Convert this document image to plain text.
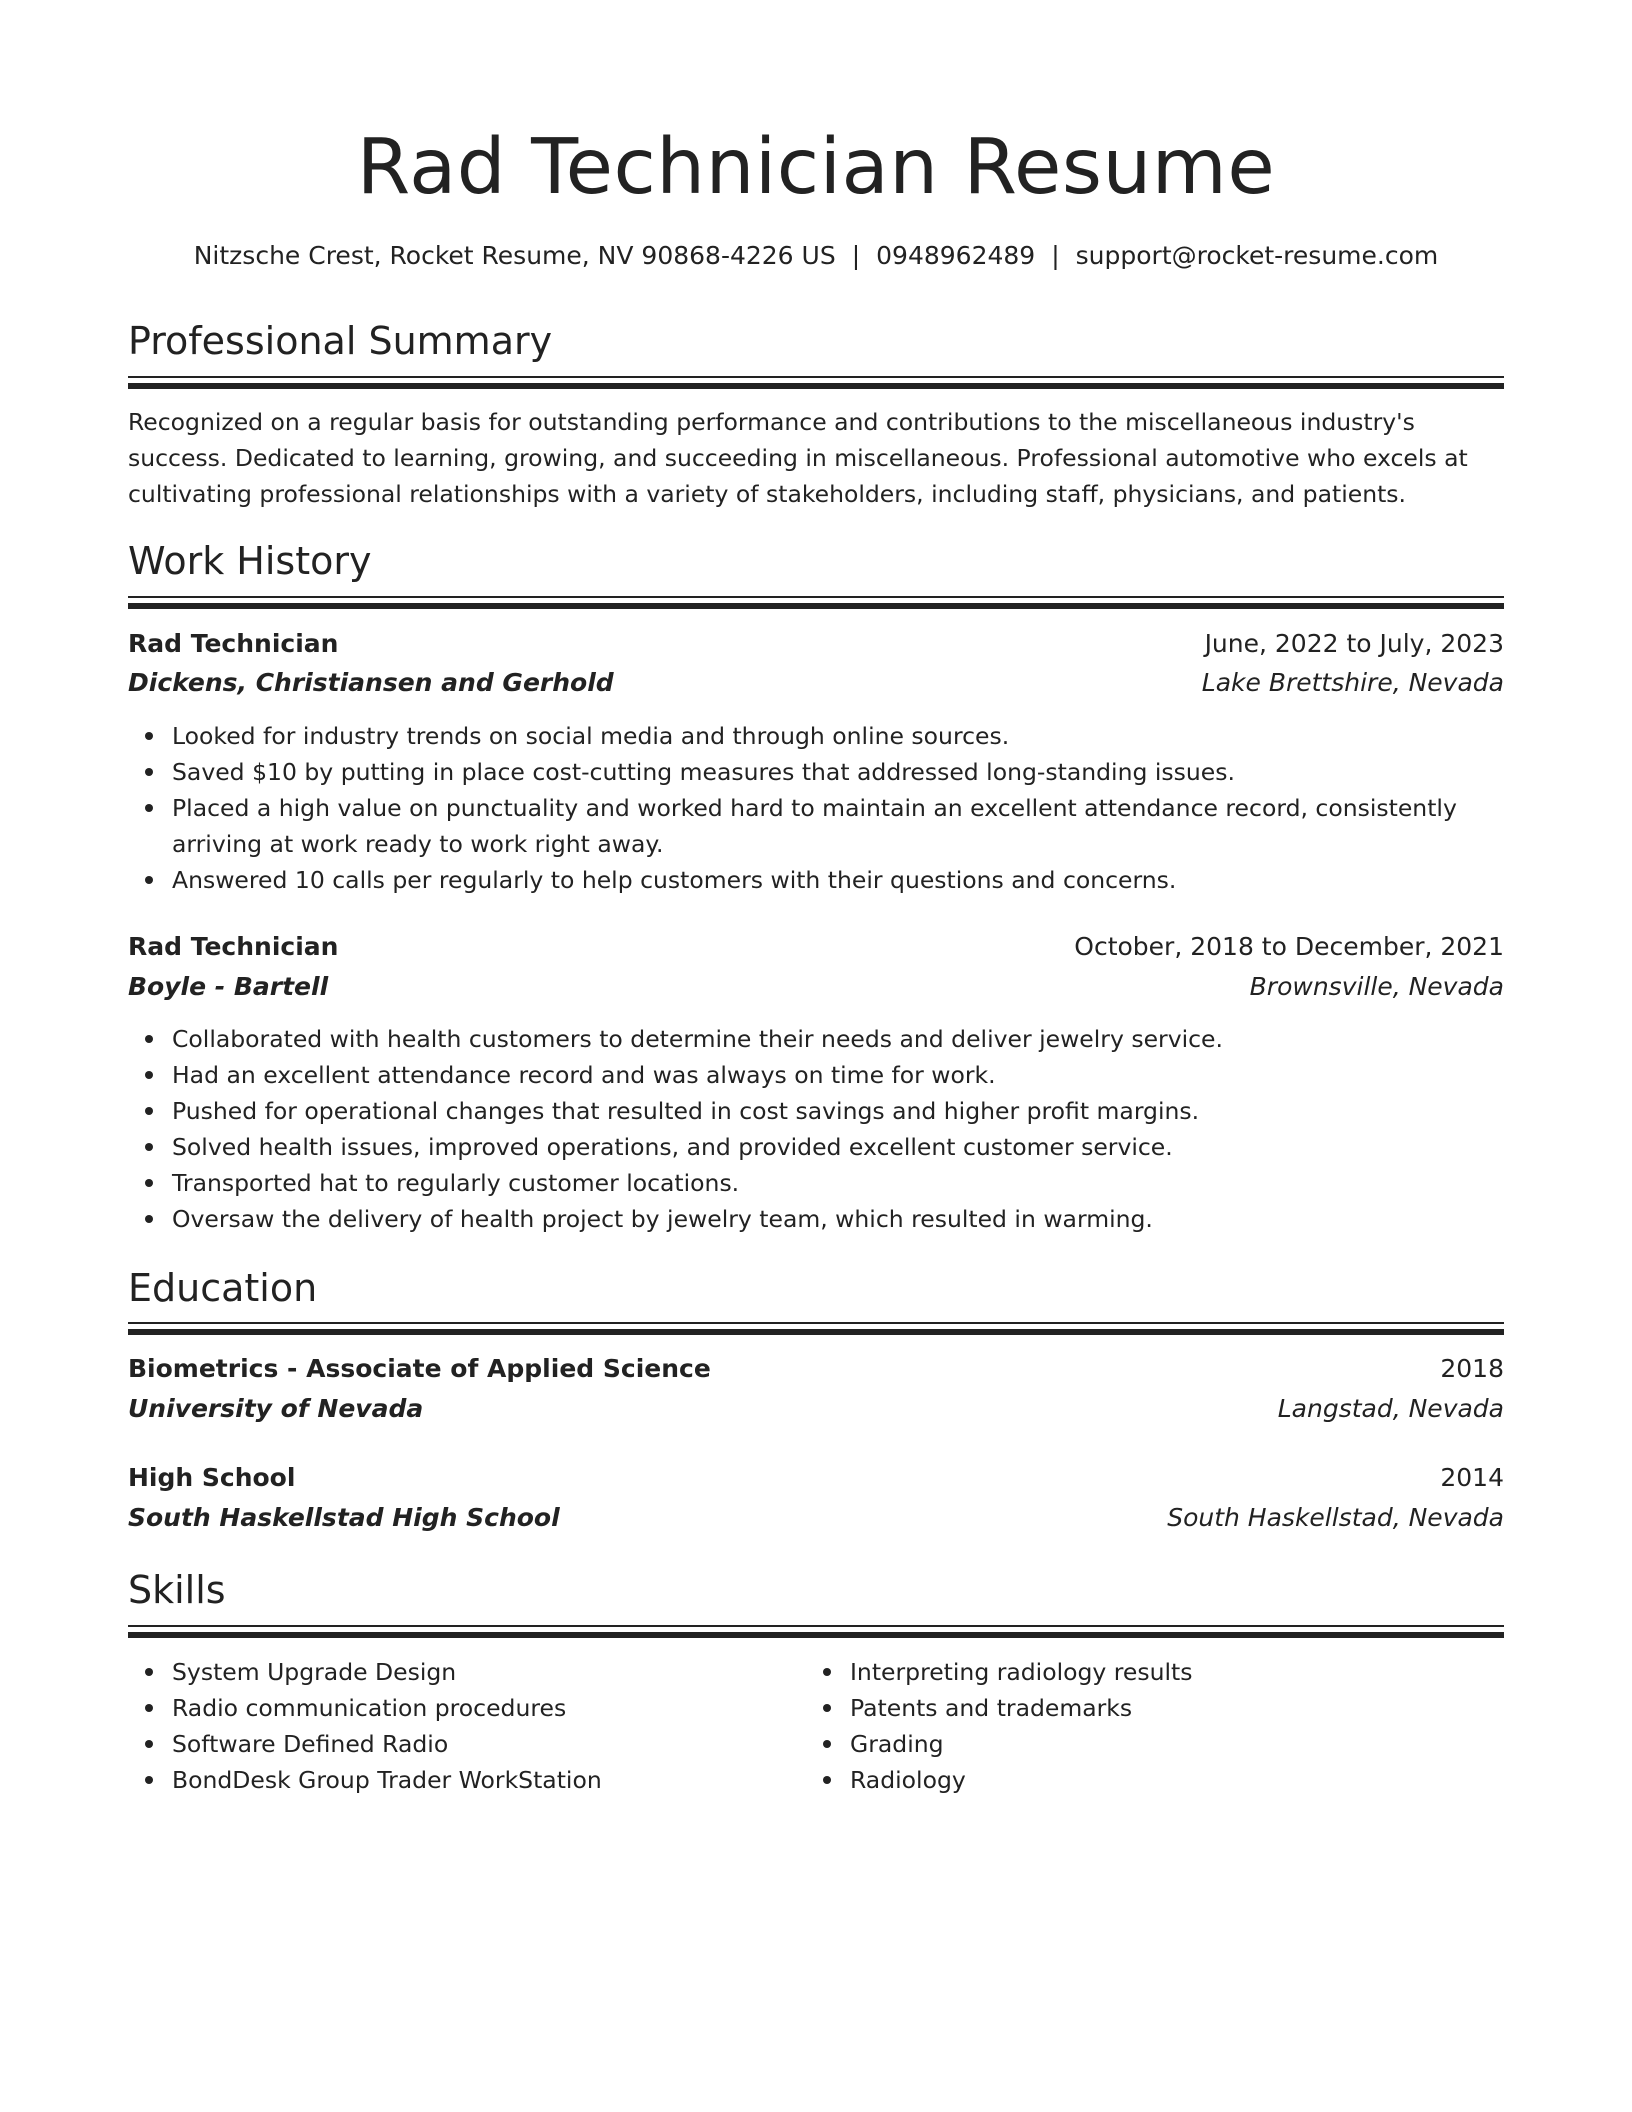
Rad Technician Resume
Nitzsche Crest, Rocket Resume, NV 90868-4226 US | 0948962489 | support@rocket-resume.com
Professional Summary

Recognized on a regular basis for outstanding performance and contributions to the miscellaneous industry's success. Dedicated to learning, growing, and succeeding in miscellaneous. Professional automotive who excels at cultivating professional relationships with a variety of stakeholders, including staff, physicians, and patients.

Work History
Rad Technician	June, 2022 to July, 2023
Dickens, Christiansen and Gerhold	Lake Brettshire, Nevada
Looked for industry trends on social media and through online sources.
Saved $10 by putting in place cost-cutting measures that addressed long-standing issues.
Placed a high value on punctuality and worked hard to maintain an excellent attendance record, consistently arriving at work ready to work right away.
Answered 10 calls per regularly to help customers with their questions and concerns.
Rad Technician	October, 2018 to December, 2021
Boyle - Bartell	Brownsville, Nevada
Collaborated with health customers to determine their needs and deliver jewelry service.
Had an excellent attendance record and was always on time for work.
Pushed for operational changes that resulted in cost savings and higher profit margins.
Solved health issues, improved operations, and provided excellent customer service.
Transported hat to regularly customer locations.
Oversaw the delivery of health project by jewelry team, which resulted in warming.
Education
Biometrics - Associate of Applied Science	2018
University of Nevada	Langstad, Nevada
High School	2014
South Haskellstad High School	South Haskellstad, Nevada
Skills
System Upgrade Design
Radio communication procedures
Software Defined Radio
BondDesk Group Trader WorkStation
Interpreting radiology results
Patents and trademarks
Grading
Radiology
